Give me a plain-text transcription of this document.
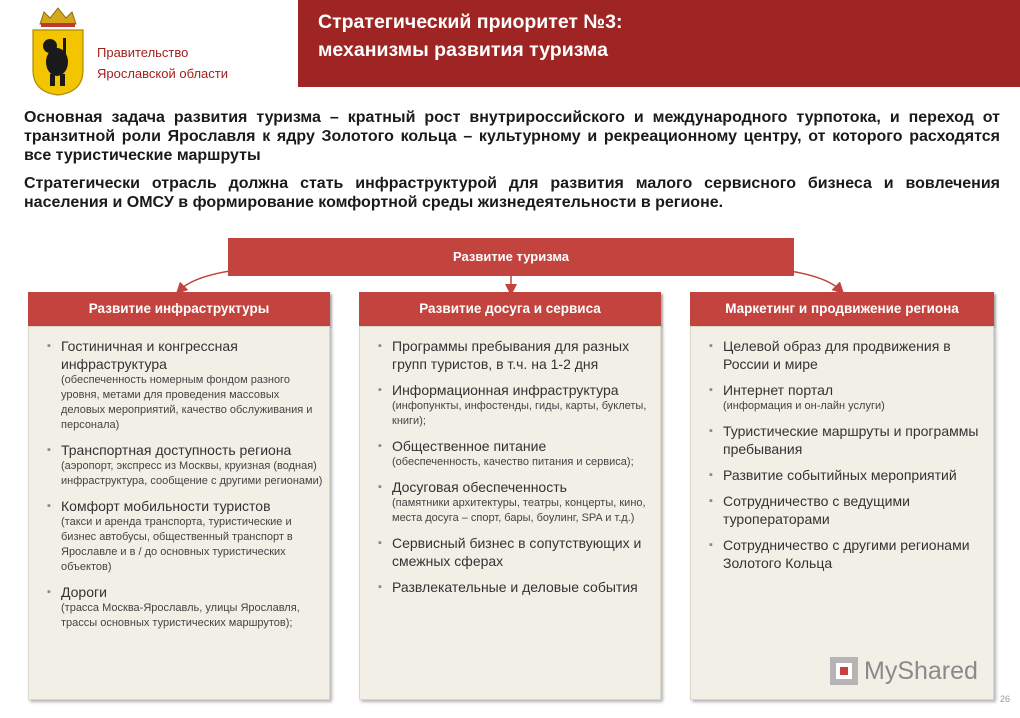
Правительство
Ярославской области
Стратегический приоритет №3:
механизмы развития туризма

Основная задача развития туризма – кратный рост внутрироссийского и международного турпотока, и переход от транзитной роли Ярославля к ядру Золотого кольца – культурному и рекреационному центру, от которого расходятся все туристические маршруты

Стратегически отрасль должна стать инфраструктурой для развития малого сервисного бизнеса и вовлечения населения и ОМСУ в формирование комфортной среды жизнедеятельности в регионе.

Развитие туризма
Развитие инфраструктуры
▪ Гостиничная и конгрессная инфраструктура
(обеспеченность номерным фондом разного уровня, метами для проведения массовых деловых мероприятий, качество обслуживания и персонала)
▪ Транспортная доступность региона
(аэропорт, экспресс из Москвы, круизная (водная) инфраструктура, сообщение с другими регионами)
▪ Комфорт мобильности туристов
(такси и аренда транспорта, туристические и бизнес автобусы, общественный транспорт в Ярославле и в / до основных туристических объектов)
▪ Дороги
(трасса Москва-Ярославль, улицы Ярославля, трассы основных туристических маршрутов);
Развитие досуга и сервиса
▪ Программы пребывания для разных групп туристов, в т.ч. на 1-2 дня
▪ Информационная инфраструктура
(инфопункты, инфостенды, гиды, карты, буклеты, книги);
▪ Общественное питание
(обеспеченность, качество питания и сервиса);
▪ Досуговая обеспеченность
(памятники архитектуры, театры, концерты, кино, места досуга – спорт, бары, боулинг, SPA и т.д.)
▪ Сервисный бизнес в сопутствующих и смежных сферах
▪ Развлекательные и деловые события
Маркетинг и продвижение региона
▪ Целевой образ для продвижения в России и мире
▪ Интернет портал
(информация и он-лайн услуги)
▪ Туристические маршруты и программы пребывания
▪ Развитие событийных мероприятий
▪ Сотрудничество с ведущими туроператорами
▪ Сотрудничество с другими регионами Золотого Кольца
MyShared
26
